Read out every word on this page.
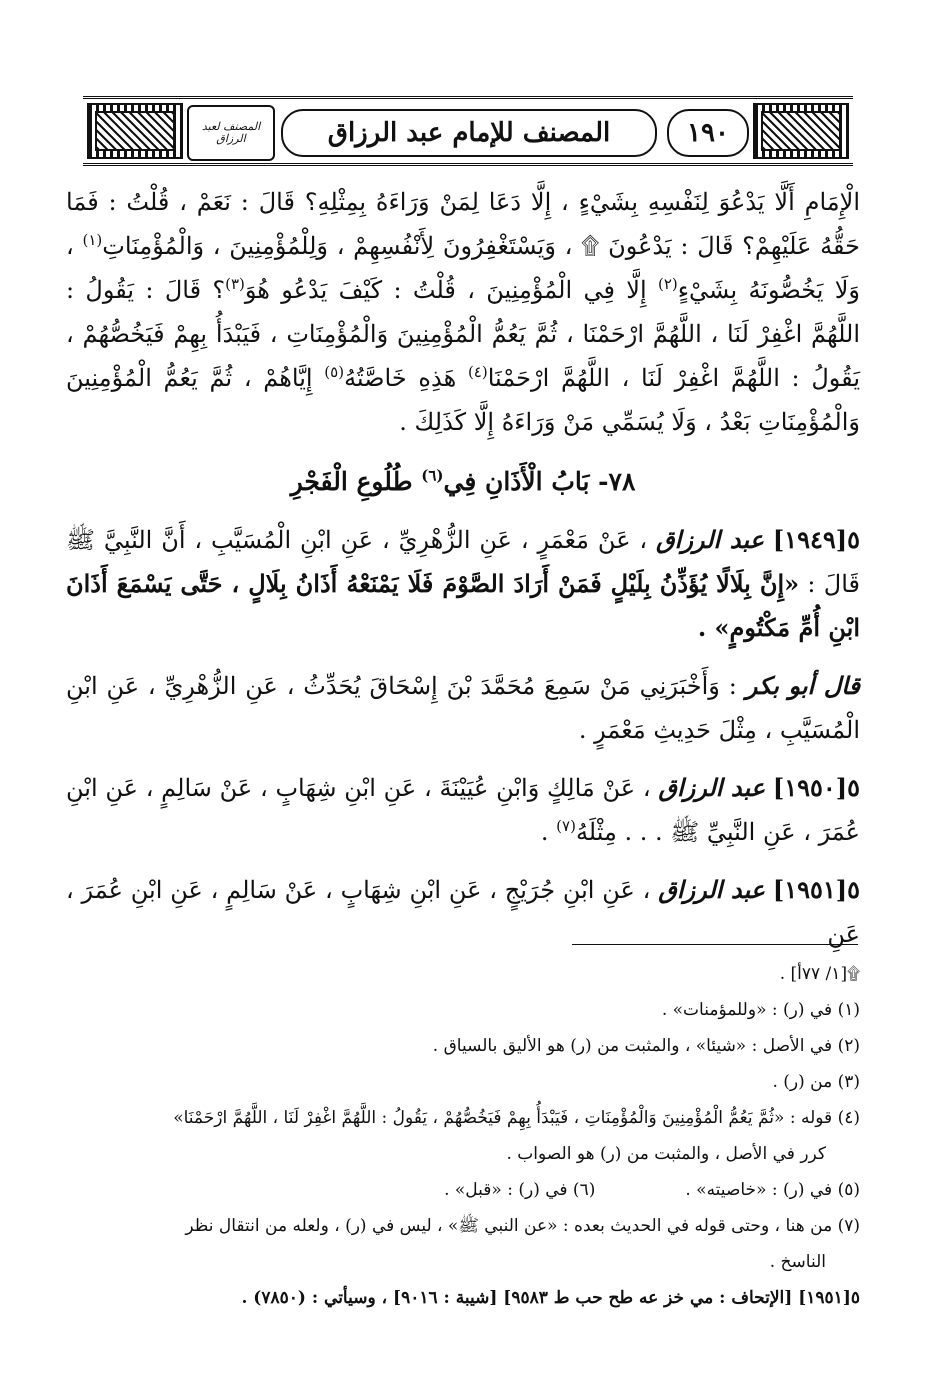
١٩٠
المصنف للإمام عبد الرزاق
المصنف لعبد الرزاق

الْإِمَامِ أَلَّا يَدْعُوَ لِنَفْسِهِ بِشَيْءٍ ، إِلَّا دَعَا لِمَنْ وَرَاءَهُ بِمِثْلِهِ؟ قَالَ : نَعَمْ ، قُلْتُ : فَمَا حَقُّهُ عَلَيْهِمْ؟ قَالَ : يَدْعُونَ ۩ ، وَيَسْتَغْفِرُونَ لِأَنْفُسِهِمْ ، وَلِلْمُؤْمِنِينَ ، وَالْمُؤْمِنَاتِ$^{(١)}$ ، وَلَا يَخُصُّونَهُ بِشَيْءٍ$^{(٢)}$ إِلَّا فِي الْمُؤْمِنِينَ ، قُلْتُ : كَيْفَ يَدْعُو هُوَ$^{(٣)}$؟ قَالَ : يَقُولُ : اللَّهُمَّ اغْفِرْ لَنَا ، اللَّهُمَّ ارْحَمْنَا ، ثُمَّ يَعُمُّ الْمُؤْمِنِينَ وَالْمُؤْمِنَاتِ ، فَيَبْدَأُ بِهِمْ فَيَخُصُّهُمْ ، يَقُولُ : اللَّهُمَّ اغْفِرْ لَنَا ، اللَّهُمَّ ارْحَمْنَا$^{(٤)}$ هَذِهِ خَاصَّتُهُ$^{(٥)}$ إِيَّاهُمْ ، ثُمَّ يَعُمُّ الْمُؤْمِنِينَ وَالْمُؤْمِنَاتِ بَعْدُ ، وَلَا يُسَمِّي مَنْ وَرَاءَهُ إِلَّا كَذَلِكَ .

٧٨- بَابُ الْأَذَانِ فِي$^{(٦)}$ طُلُوعِ الْفَجْرِ

٥[١٩٤٩] عبد الرزاق ، عَنْ مَعْمَرٍ ، عَنِ الزُّهْرِيِّ ، عَنِ ابْنِ الْمُسَيَّبِ ، أَنَّ النَّبِيَّ ﷺ قَالَ : «إِنَّ بِلَالًا يُؤَذِّنُ بِلَيْلٍ فَمَنْ أَرَادَ الصَّوْمَ فَلَا يَمْنَعْهُ أَذَانُ بِلَالٍ ، حَتَّى يَسْمَعَ أَذَانَ ابْنِ أُمِّ مَكْتُومٍ» .

قال أبو بكر : وَأَخْبَرَنِي مَنْ سَمِعَ مُحَمَّدَ بْنَ إِسْحَاقَ يُحَدِّثُ ، عَنِ الزُّهْرِيِّ ، عَنِ ابْنِ الْمُسَيَّبِ ، مِثْلَ حَدِيثِ مَعْمَرٍ .

٥[١٩٥٠] عبد الرزاق ، عَنْ مَالِكٍ وَابْنِ عُيَيْنَةَ ، عَنِ ابْنِ شِهَابٍ ، عَنْ سَالِمٍ ، عَنِ ابْنِ عُمَرَ ، عَنِ النَّبِيِّ ﷺ . . . مِثْلَهُ$^{(٧)}$ .

٥[١٩٥١] عبد الرزاق ، عَنِ ابْنِ جُرَيْجٍ ، عَنِ ابْنِ شِهَابٍ ، عَنْ سَالِمٍ ، عَنِ ابْنِ عُمَرَ ، عَنِ

۩[١/ ٧٧أ] .

(١) في (ر) : «وللمؤمنات» .

(٢) في الأصل : «شيئا» ، والمثبت من (ر) هو الأليق بالسياق .

(٣) من (ر) .

(٤) قوله : «ثُمَّ يَعُمُّ الْمُؤْمِنِينَ وَالْمُؤْمِنَاتِ ، فَيَبْدَأُ بِهِمْ فَيَخُصُّهُمْ ، يَقُولُ : اللَّهُمَّ اغْفِرْ لَنَا ، اللَّهُمَّ ارْحَمْنَا»

كرر في الأصل ، والمثبت من (ر) هو الصواب .

(٥) في (ر) : «خاصيته» .
(٦) في (ر) : «قبل» .

(٧) من هنا ، وحتى قوله في الحديث بعده : «عن النبي ﷺ» ، ليس في (ر) ، ولعله من انتقال نظر

الناسخ .

٥[١٩٥١] [الإتحاف : مي خز عه طح حب ط ٩٥٨٣] [شيبة : ٩٠١٦] ، وسيأتي : (٧٨٥٠) .
